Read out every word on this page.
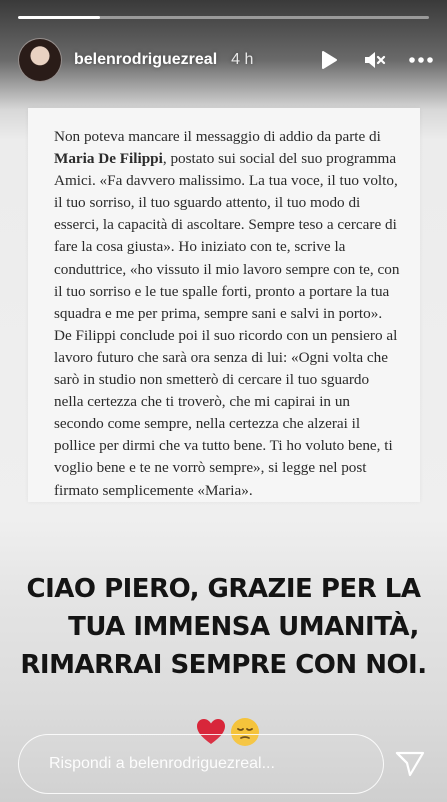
belenrodriguezreal 4 h

Non poteva mancare il messaggio di addio da parte di Maria De Filippi, postato sui social del suo programma Amici. «Fa davvero malissimo. La tua voce, il tuo volto, il tuo sorriso, il tuo sguardo attento, il tuo modo di esserci, la capacità di ascoltare. Sempre teso a cercare di fare la cosa giusta». Ho iniziato con te, scrive la conduttrice, «ho vissuto il mio lavoro sempre con te, con il tuo sorriso e le tue spalle forti, pronto a portare la tua squadra e me per prima, sempre sani e salvi in porto». De Filippi conclude poi il suo ricordo con un pensiero al lavoro futuro che sarà ora senza di lui: «Ogni volta che sarò in studio non smetterò di cercare il tuo sguardo nella certezza che ti troverò, che mi capirai in un secondo come sempre, nella certezza che alzerai il pollice per dirmi che va tutto bene. Ti ho voluto bene, ti voglio bene e te ne vorrò sempre», si legge nel post firmato semplicemente «Maria».

CIAO PIERO, GRAZIE PER LA
TUA IMMENSA UMANITÀ,
RIMARRAI SEMPRE CON NOI.
Rispondi a belenrodriguezreal...
